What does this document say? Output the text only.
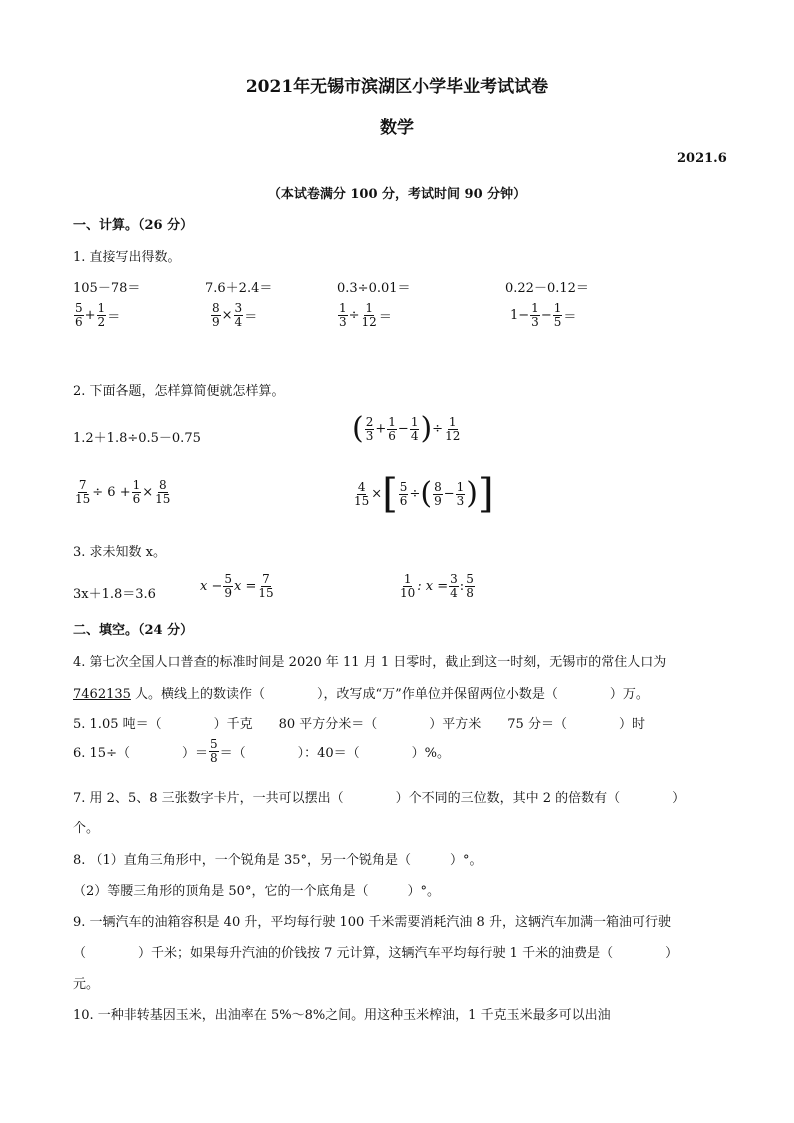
2021年无锡市滨湖区小学毕业考试试卷
数学
2021.6
（本试卷满分 100 分，考试时间 90 分钟）
一、计算。（26 分）
1. 直接写出得数。
105－78＝	7.6＋2.4＝	0.3÷0.01＝	0.22－0.12＝
$\frac{5}{6} + \frac{1}{2}$ ＝	$\frac{8}{9} \times \frac{3}{4}$ ＝	$\frac{1}{3} \div \frac{1}{12}$ ＝	$1- \frac{1}{3} - \frac{1}{5}$ ＝
2. 下面各题，怎样算简便就怎样算。
1.2＋1.8÷0.5－0.75	( $\frac{2}{3} + \frac{1}{6} - \frac{1}{4}$ )÷ $\frac{1}{12}$
$\frac{7}{15} \div 6 + \frac{1}{6} \times \frac{8}{15}$	$\frac{4}{15}$ ×[ $\frac{5}{6}$ ÷( $\frac{8}{9} - \frac{1}{3}$ )]
3. 求未知数 x。
3x＋1.8＝3.6
$x - \frac{5}{9}$ $x = \frac{7}{15}$	$\frac{1}{10}$ : $x = \frac{3}{4}$ : $\frac{5}{8}$
二、填空。（24 分）
4. 第七次全国人口普查的标准时间是 2020 年 11 月 1 日零时，截止到这一时刻，无锡市的常住人口为
7462135 人。横线上的数读作（　　　　），改写成“万”作单位并保留两位小数是（　　　　）万。
5. 1.05 吨＝（　　　　）千克　　80 平方分米＝（　　　　）平方米　　75 分＝（　　　　）时
6. 15÷（　　　　）＝ $\frac{5}{8}$ ＝（　　　　）：40＝（　　　　）%。
7. 用 2、5、8 三张数字卡片，一共可以摆出（　　　　）个不同的三位数，其中 2 的倍数有（　　　　）
个。
8. （1）直角三角形中，一个锐角是 35°，另一个锐角是（　　　）°。
（2）等腰三角形的顶角是 50°，它的一个底角是（　　　）°。
9. 一辆汽车的油箱容积是 40 升，平均每行驶 100 千米需要消耗汽油 8 升，这辆汽车加满一箱油可行驶
（　　　　）千米；如果每升汽油的价钱按 7 元计算，这辆汽车平均每行驶 1 千米的油费是（　　　　）
元。
10. 一种非转基因玉米，出油率在 5%～8%之间。用这种玉米榨油，1 千克玉米最多可以出油
